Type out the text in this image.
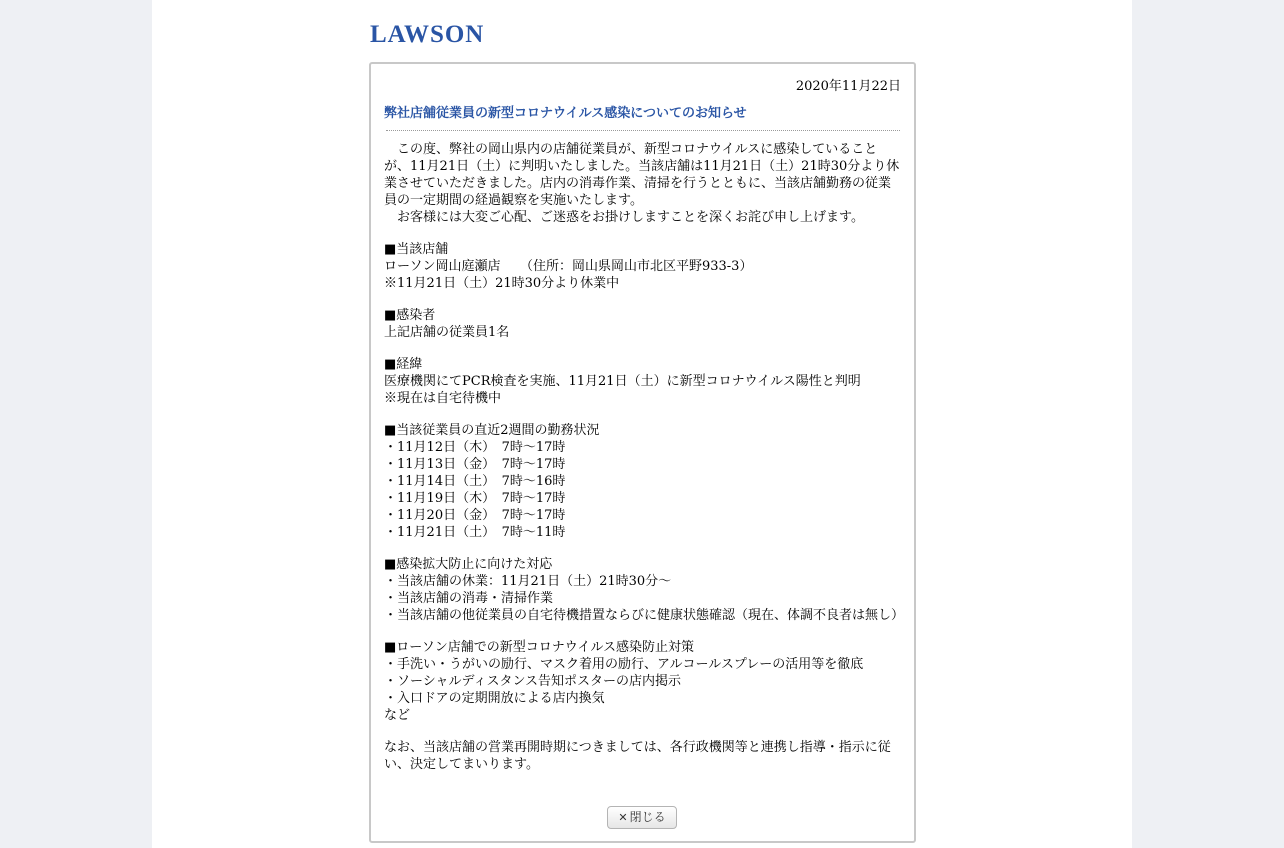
LAWSON
2020年11月22日
弊社店舗従業員の新型コロナウイルス感染についてのお知らせ

　この度、弊社の岡山県内の店舗従業員が、新型コロナウイルスに感染していることが、11月21日（土）に判明いたしました。当該店舗は11月21日（土）21時30分より休業させていただきました。店内の消毒作業、清掃を行うとともに、当該店舗勤務の従業員の一定期間の経過観察を実施いたします。

　お客様には大変ご心配、ご迷惑をお掛けしますことを深くお詫び申し上げます。

■当該店舗

ローソン岡山庭瀬店　　（住所：岡山県岡山市北区平野933-3）

※11月21日（土）21時30分より休業中

■感染者

上記店舗の従業員1名

■経緯

医療機関にてPCR検査を実施、11月21日（土）に新型コロナウイルス陽性と判明

※現在は自宅待機中

■当該従業員の直近2週間の勤務状況

・11月12日（木）　7時～17時

・11月13日（金）　7時～17時

・11月14日（土）　7時～16時

・11月19日（木）　7時～17時

・11月20日（金）　7時～17時

・11月21日（土）　7時～11時

■感染拡大防止に向けた対応

・当該店舗の休業：11月21日（土）21時30分～

・当該店舗の消毒・清掃作業

・当該店舗の他従業員の自宅待機措置ならびに健康状態確認（現在、体調不良者は無し）

■ローソン店舗での新型コロナウイルス感染防止対策

・手洗い・うがいの励行、マスク着用の励行、アルコールスプレーの活用等を徹底

・ソーシャルディスタンス告知ポスターの店内掲示

・入口ドアの定期開放による店内換気

など

なお、当該店舗の営業再開時期につきましては、各行政機関等と連携し指導・指示に従い、決定してまいります。

✕ 閉じる
